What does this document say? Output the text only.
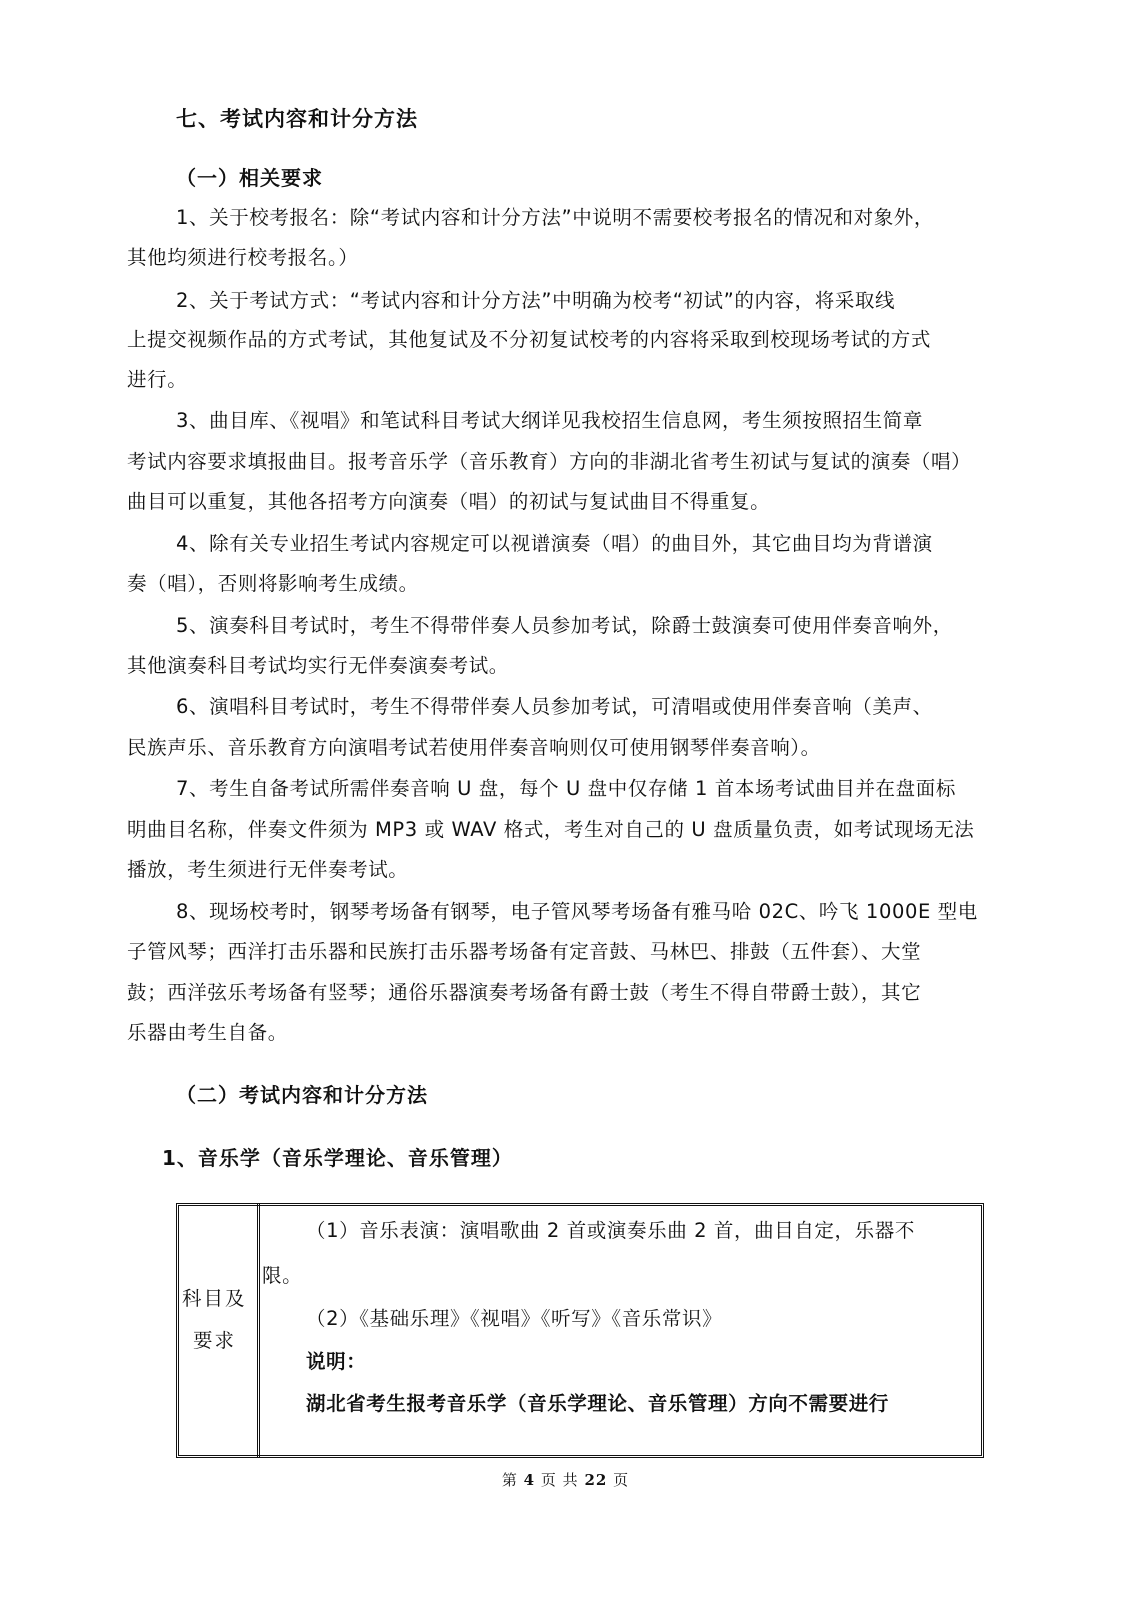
七、考试内容和计分方法
（一）相关要求
1、关于校考报名：除“考试内容和计分方法”中说明不需要校考报名的情况和对象外，
其他均须进行校考报名。）
2、关于考试方式：“考试内容和计分方法”中明确为校考“初试”的内容，将采取线
上提交视频作品的方式考试，其他复试及不分初复试校考的内容将采取到校现场考试的方式
进行。
3、曲目库、《视唱》和笔试科目考试大纲详见我校招生信息网，考生须按照招生简章
考试内容要求填报曲目。报考音乐学（音乐教育）方向的非湖北省考生初试与复试的演奏（唱）
曲目可以重复，其他各招考方向演奏（唱）的初试与复试曲目不得重复。
4、除有关专业招生考试内容规定可以视谱演奏（唱）的曲目外，其它曲目均为背谱演
奏（唱），否则将影响考生成绩。
5、演奏科目考试时，考生不得带伴奏人员参加考试，除爵士鼓演奏可使用伴奏音响外，
其他演奏科目考试均实行无伴奏演奏考试。
6、演唱科目考试时，考生不得带伴奏人员参加考试，可清唱或使用伴奏音响（美声、
民族声乐、音乐教育方向演唱考试若使用伴奏音响则仅可使用钢琴伴奏音响）。
7、考生自备考试所需伴奏音响 U 盘，每个 U 盘中仅存储 1 首本场考试曲目并在盘面标
明曲目名称，伴奏文件须为 MP3 或 WAV 格式，考生对自己的 U 盘质量负责，如考试现场无法
播放，考生须进行无伴奏考试。
8、现场校考时，钢琴考场备有钢琴，电子管风琴考场备有雅马哈 02C、吟飞 1000E 型电
子管风琴；西洋打击乐器和民族打击乐器考场备有定音鼓、马林巴、排鼓（五件套）、大堂
鼓；西洋弦乐考场备有竖琴；通俗乐器演奏考场备有爵士鼓（考生不得自带爵士鼓），其它
乐器由考生自备。
（二）考试内容和计分方法
1、音乐学（音乐学理论、音乐管理）
科目及
要求
（1）音乐表演：演唱歌曲 2 首或演奏乐曲 2 首，曲目自定，乐器不
限。
（2）《基础乐理》《视唱》《听写》《音乐常识》
说明：
湖北省考生报考音乐学（音乐学理论、音乐管理）方向不需要进行
第 4 页 共 22 页
